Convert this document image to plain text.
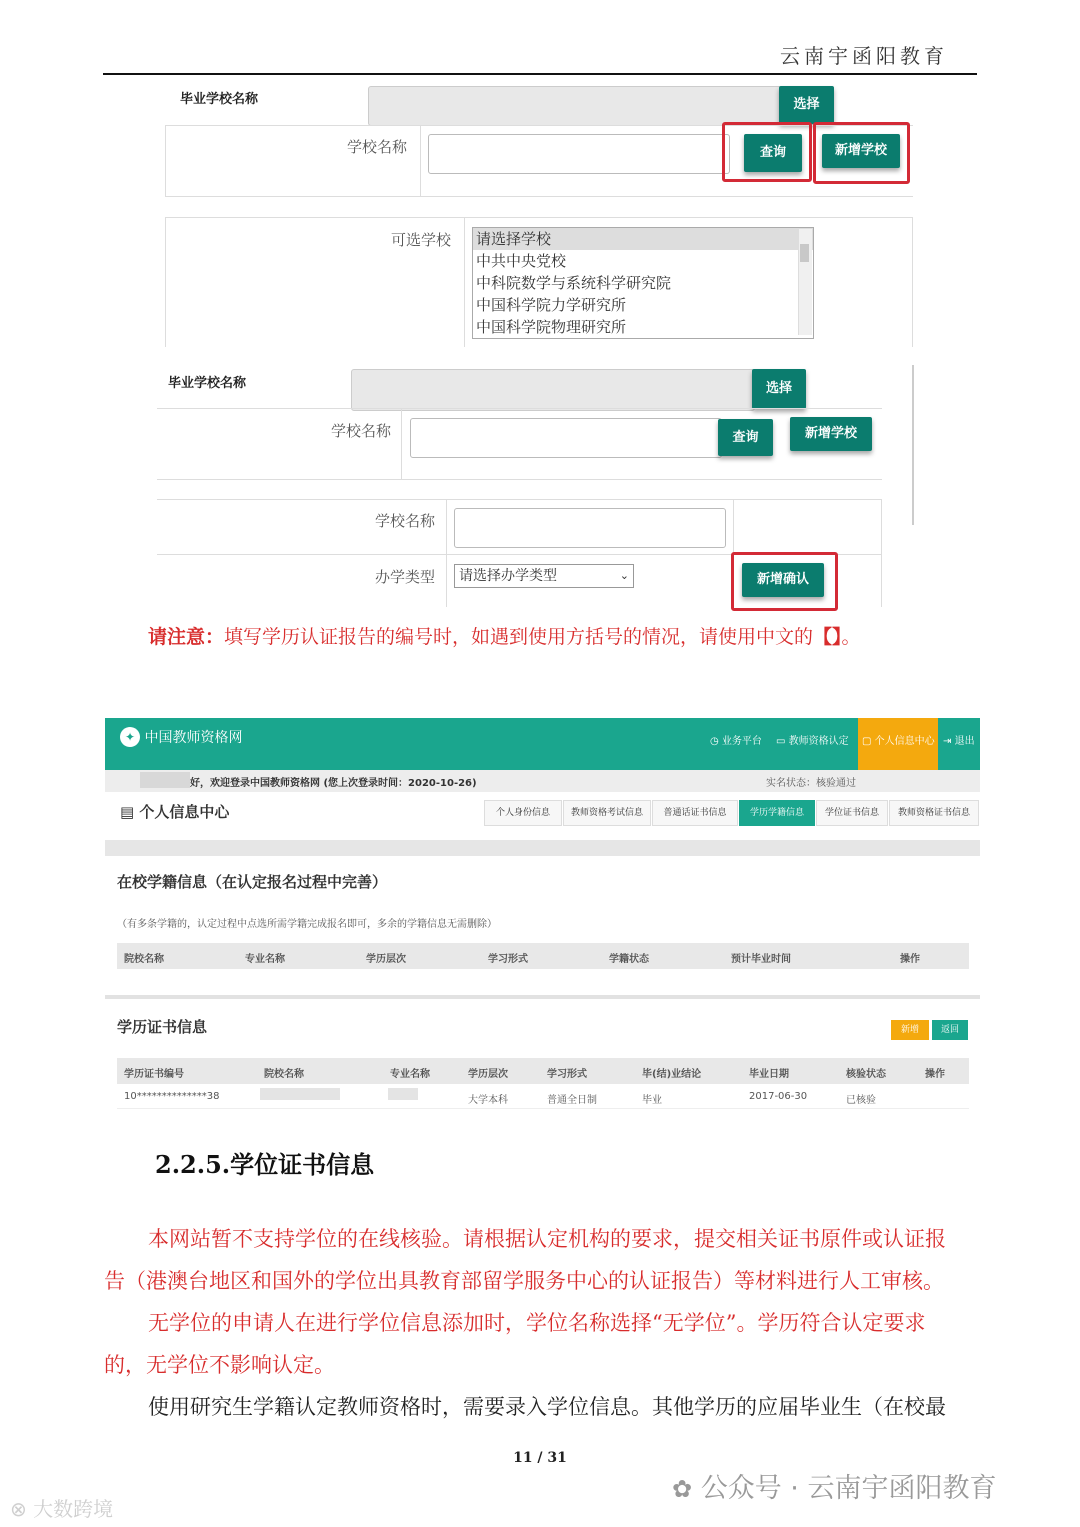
云南宇函阳教育
毕业学校名称	选择
学校名称	查询	新增学校
可选学校 请选择学校
中共中央党校
中科院数学与系统科学研究院
中国科学院力学研究所
中国科学院物理研究所
毕业学校名称	选择
学校名称	查询	新增学校
学校名称
办学类型	请选择办学类型	⌄	新增确认
请注意：填写学历认证报告的编号时，如遇到使用方括号的情况，请使用中文的【】。
✦ 中国教师资格网	◷ 业务平台 ▭ 教师资格认定 ▢ 个人信息中心 ⇥ 退出
好，欢迎登录中国教师资格网 (您上次登录时间：2020-10-26)	实名状态：核验通过
▤ 个人信息中心	个人身份信息	教师资格考试信息	普通话证书信息	学历学籍信息	学位证书信息	教师资格证书信息
在校学籍信息（在认定报名过程中完善）
（有多条学籍的，认定过程中点选所需学籍完成报名即可，多余的学籍信息无需删除）
院校名称	专业名称	学历层次	学习形式	学籍状态	预计毕业时间	操作
学历证书信息	新增	返回
学历证书编号	院校名称	专业名称	学历层次	学习形式	毕(结)业结论	毕业日期	核验状态	操作
10**************38	大学本科	普通全日制	毕业	2017-06-30	已核验
2.2.5.学位证书信息
本网站暂不支持学位的在线核验。请根据认定机构的要求，提交相关证书原件或认证报
告（港澳台地区和国外的学位出具教育部留学服务中心的认证报告）等材料进行人工审核。
无学位的申请人在进行学位信息添加时，学位名称选择“无学位”。学历符合认定要求
的，无学位不影响认定。
使用研究生学籍认定教师资格时，需要录入学位信息。其他学历的应届毕业生（在校最
11 / 31
✿ 公众号 · 云南宇函阳教育
⊗ 大数跨境
